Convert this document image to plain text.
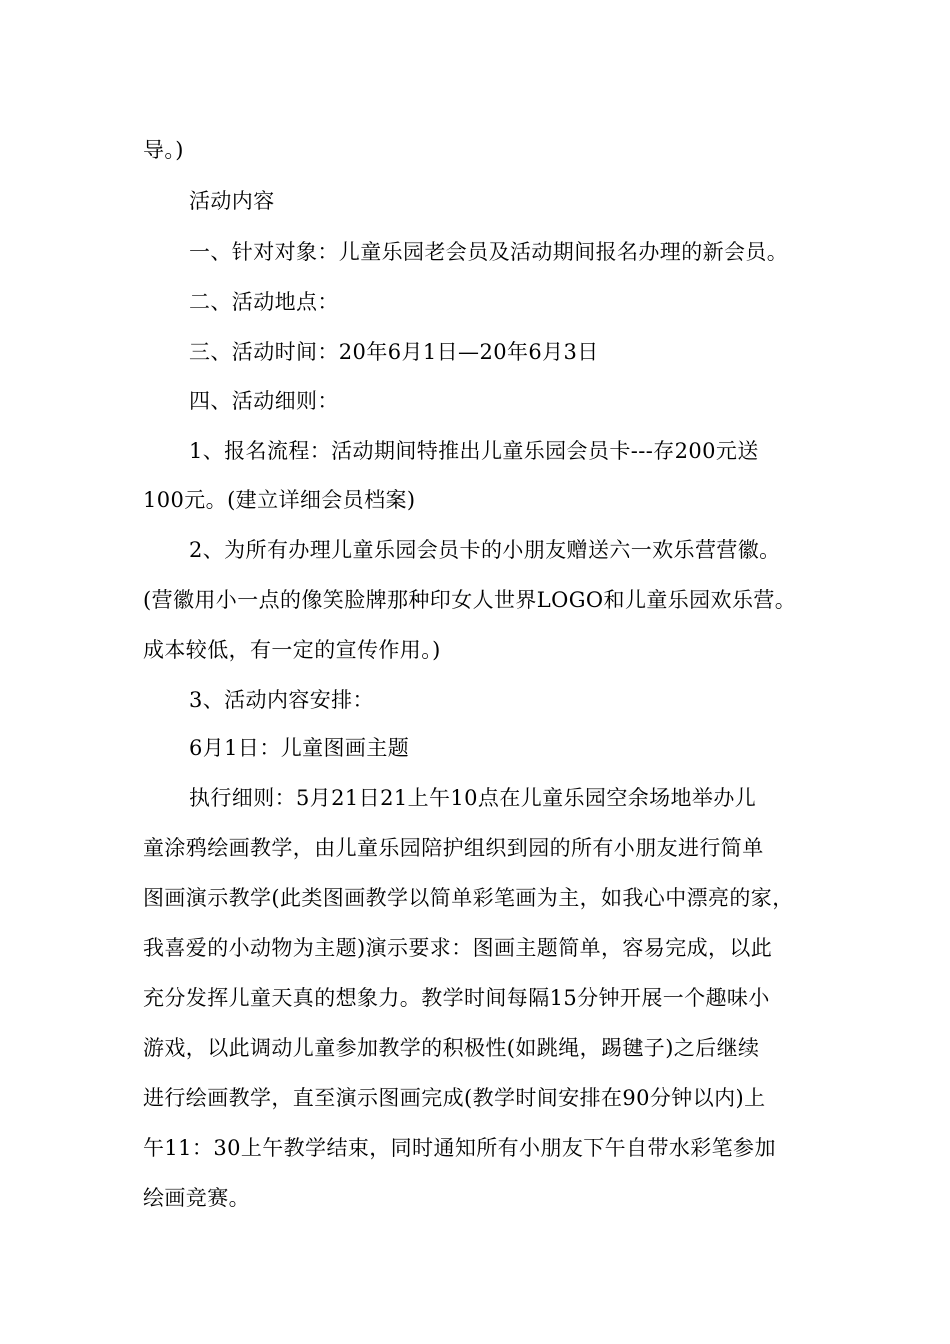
导。)
活动内容
一、针对对象：儿童乐园老会员及活动期间报名办理的新会员。
二、活动地点：
三、活动时间：20年6月1日—20年6月3日
四、活动细则：
1、报名流程：活动期间特推出儿童乐园会员卡---存200元送
100元。(建立详细会员档案)
2、为所有办理儿童乐园会员卡的小朋友赠送六一欢乐营营徽。
(营徽用小一点的像笑脸牌那种印女人世界LOGO和儿童乐园欢乐营。
成本较低，有一定的宣传作用。)
3、活动内容安排：
6月1日：儿童图画主题
执行细则：5月21日21上午10点在儿童乐园空余场地举办儿
童涂鸦绘画教学，由儿童乐园陪护组织到园的所有小朋友进行简单
图画演示教学(此类图画教学以简单彩笔画为主，如我心中漂亮的家，
我喜爱的小动物为主题)演示要求：图画主题简单，容易完成，以此
充分发挥儿童天真的想象力。教学时间每隔15分钟开展一个趣味小
游戏，以此调动儿童参加教学的积极性(如跳绳，踢毽子)之后继续
进行绘画教学，直至演示图画完成(教学时间安排在90分钟以内)上
午11：30上午教学结束，同时通知所有小朋友下午自带水彩笔参加
绘画竞赛。
